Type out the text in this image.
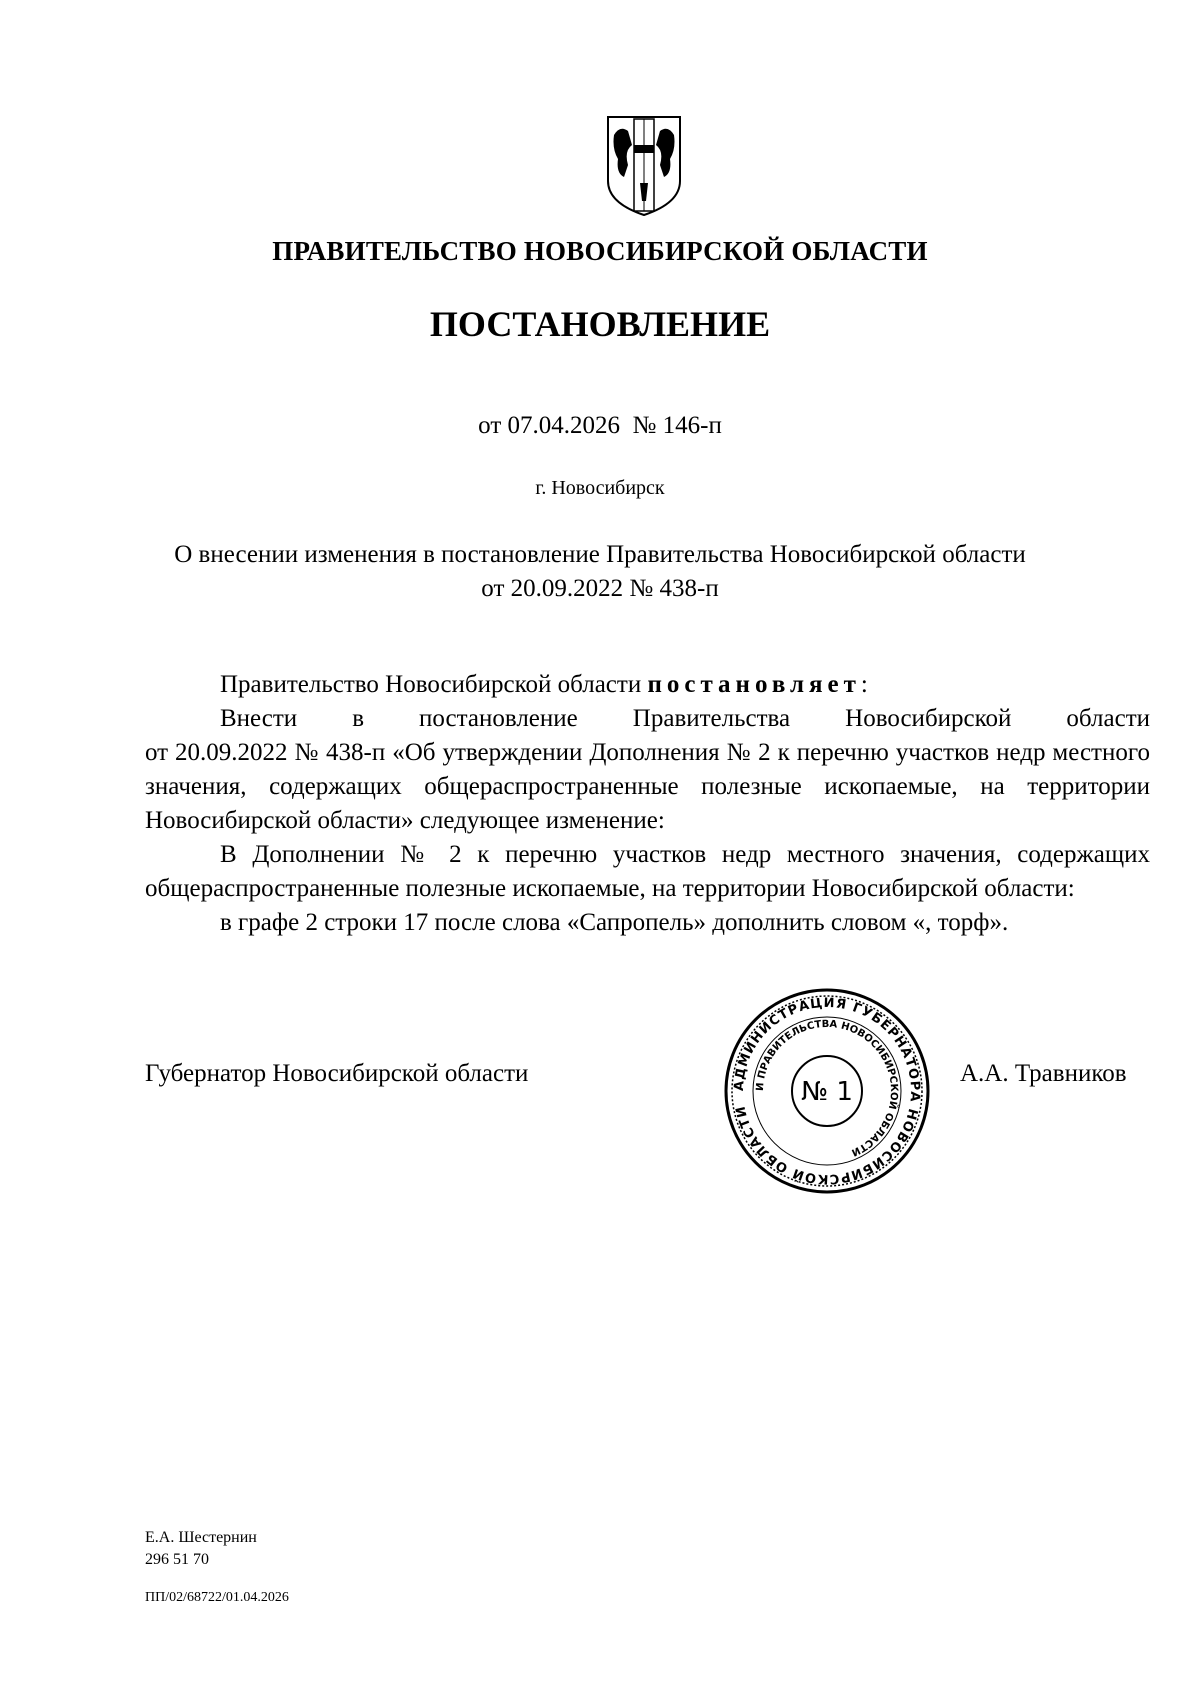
ПРАВИТЕЛЬСТВО НОВОСИБИРСКОЙ ОБЛАСТИ
ПОСТАНОВЛЕНИЕ
от 07.04.2026  № 146-п
г. Новосибирск
О внесении изменения в постановление Правительства Новосибирской области
от 20.09.2022 № 438-п

Правительство Новосибирской области постановляет:

Внести в постановление Правительства Новосибирской области

от 20.09.2022 № 438-п «Об утверждении Дополнения № 2 к перечню участков недр местного значения, содержащих общераспространенные полезные ископаемые, на территории Новосибирской области» следующее изменение:

В Дополнении № 2 к перечню участков недр местного значения, содержащих общераспространенные полезные ископаемые, на территории Новосибирской области:

в графе 2 строки 17 после слова «Сапропель» дополнить словом «, торф».

Губернатор Новосибирской области	АДМИНИСТРАЦИЯ ГУБЕРНАТОРА НОВОСИБИРСКОЙ ОБЛАСТИ
И ПРАВИТЕЛЬСТВА НОВОСИБИРСКОЙ ОБЛАСТИ
№ 1
А.А. Травников
Е.А. Шестернин
296 51 70
ПП/02/68722/01.04.2026
